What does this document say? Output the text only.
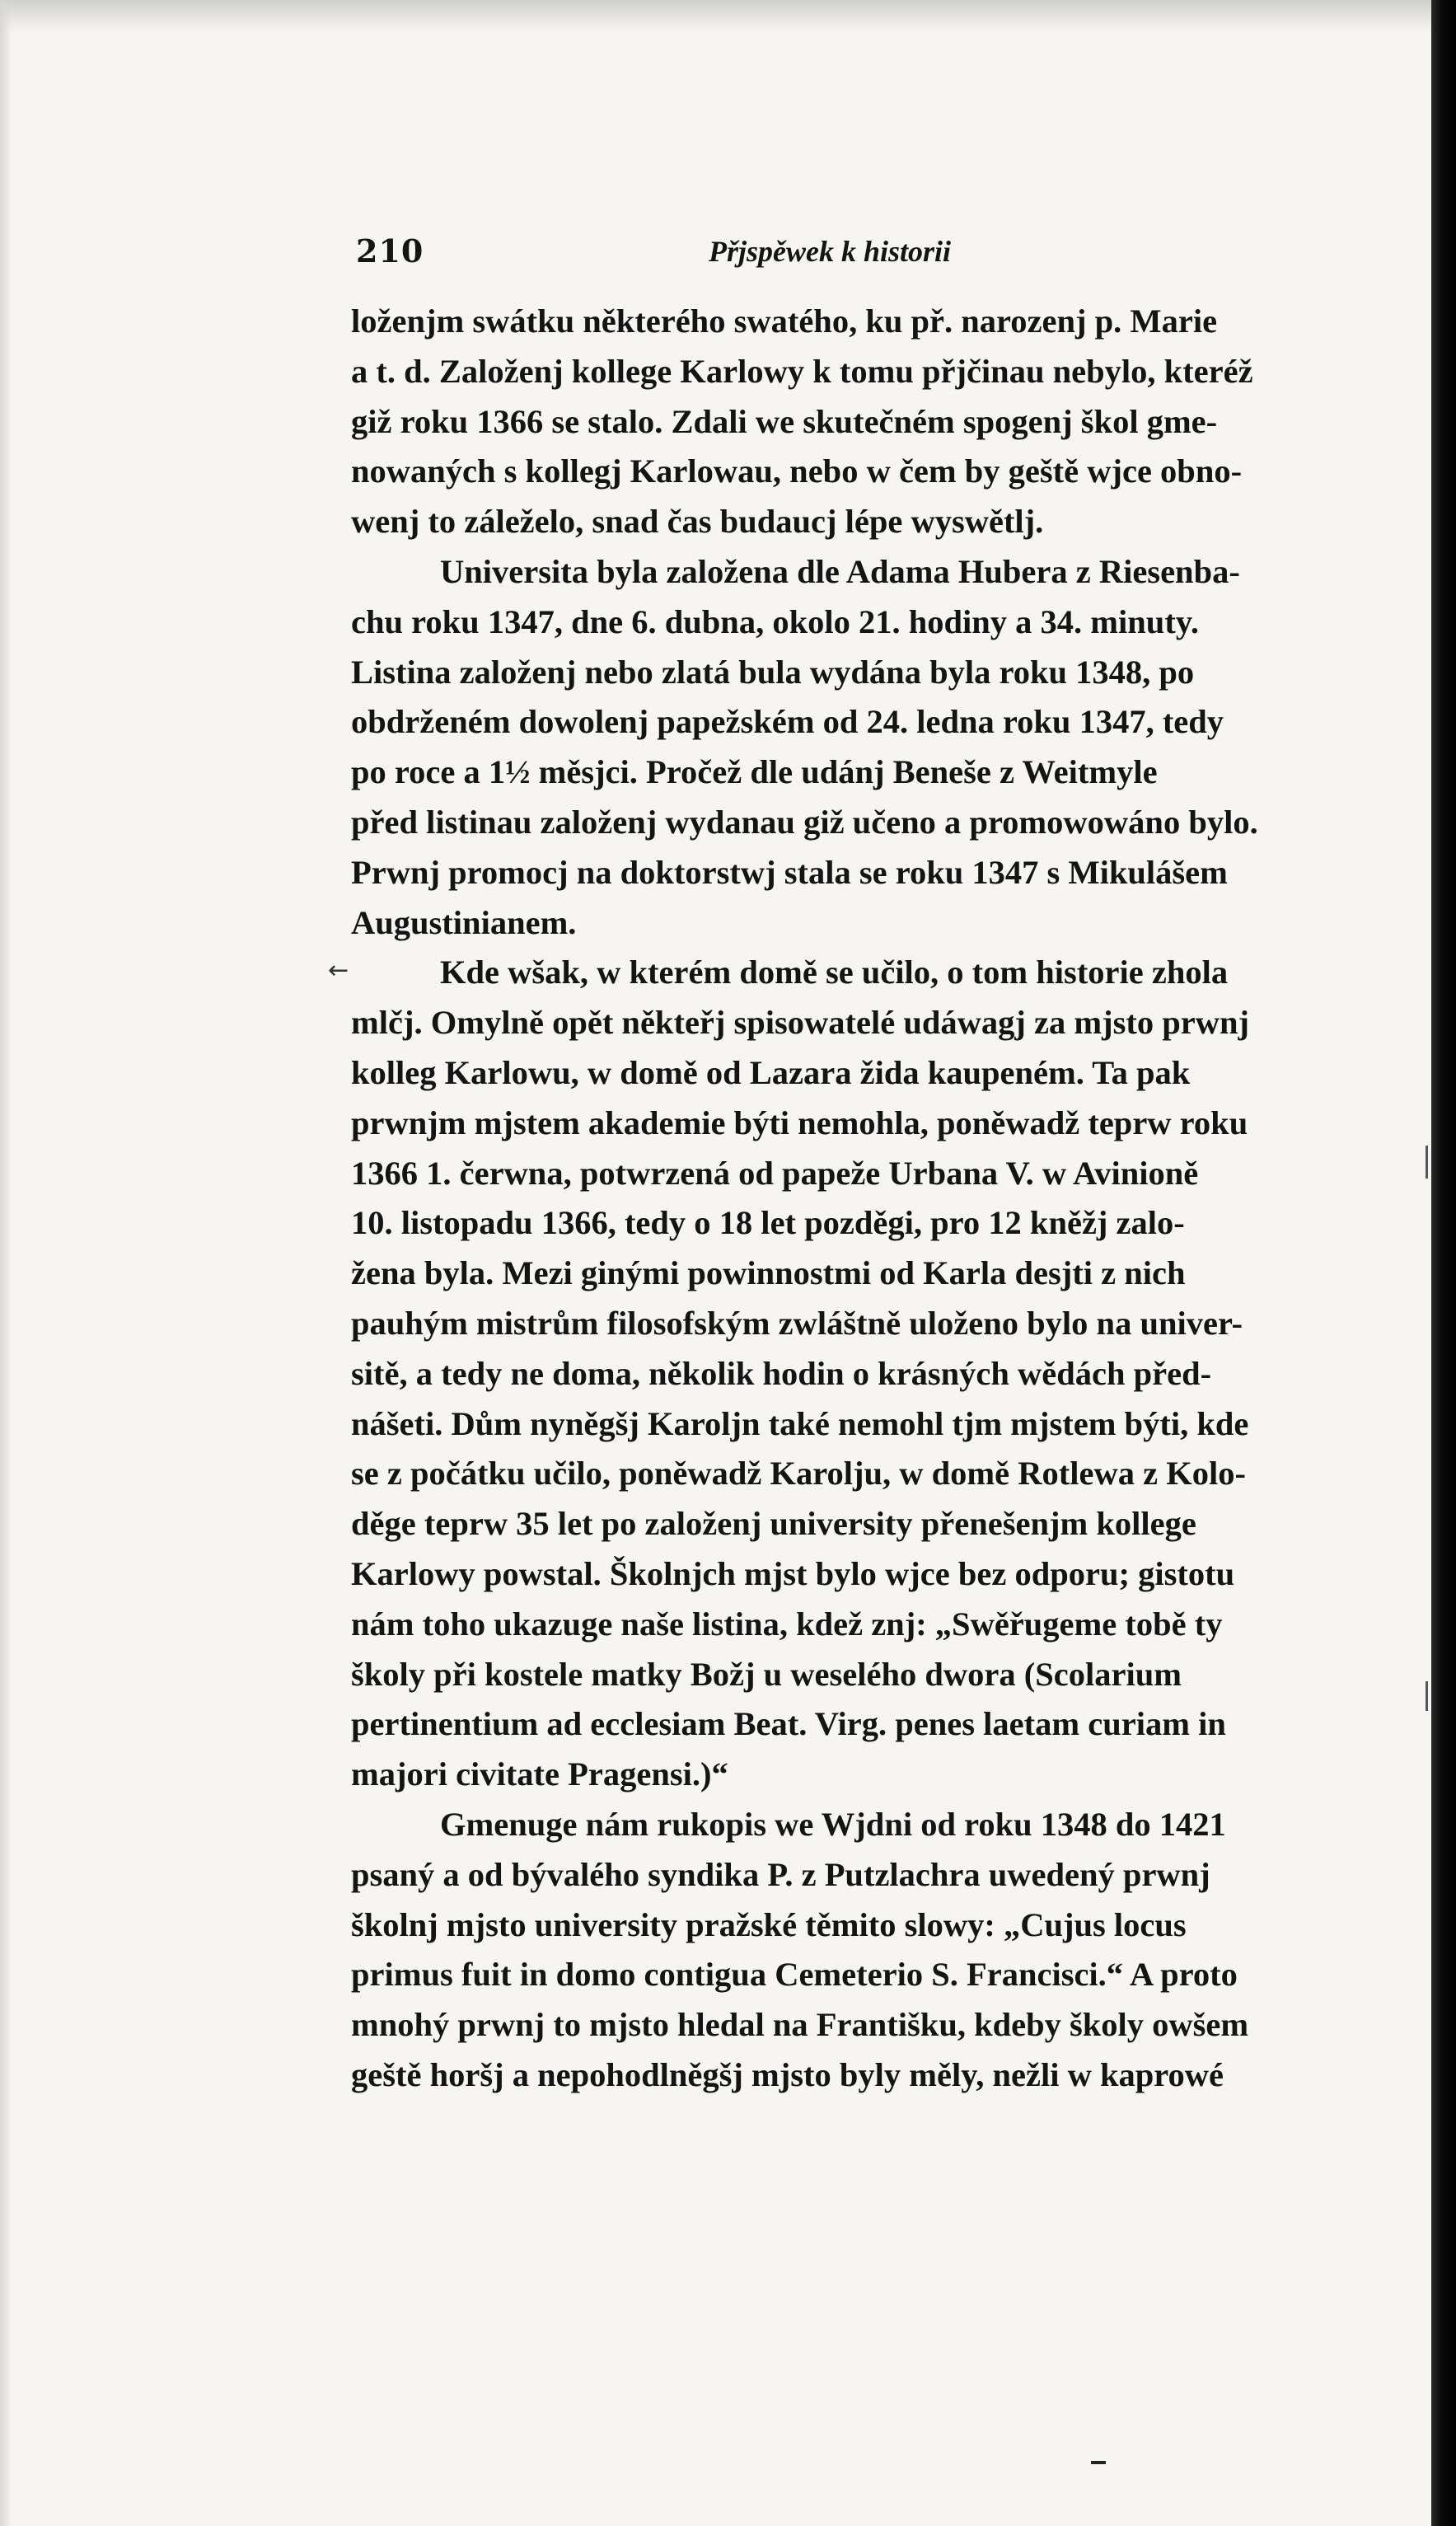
210	Přjspěwek k historii

loženjm swátku některého swatého, ku př. narozenj p. Marie
a t. d. Založenj kollege Karlowy k tomu přjčinau nebylo, kteréž
giž roku 1366 se stalo. Zdali we skutečném spogenj škol gme-
nowaných s kollegj Karlowau, nebo w čem by geště wjce obno-
wenj to záleželo, snad čas budaucj lépe wyswětlj.

Universita byla založena dle Adama Hubera z Riesenba-
chu roku 1347, dne 6. dubna, okolo 21. hodiny a 34. minuty.
Listina založenj nebo zlatá bula wydána byla roku 1348, po
obdrženém dowolenj papežském od 24. ledna roku 1347, tedy
po roce a 1½ měsjci. Pročež dle udánj Beneše z Weitmyle
před listinau založenj wydanau giž učeno a promowowáno bylo.
Prwnj promocj na doktorstwj stala se roku 1347 s Mikulášem
Augustinianem.

Kde wšak, w kterém domě se učilo, o tom historie zhola
mlčj. Omylně opět někteřj spisowatelé udáwagj za mjsto prwnj
kolleg Karlowu, w domě od Lazara žida kaupeném. Ta pak
prwnjm mjstem akademie býti nemohla, poněwadž teprw roku
1366 1. čerwna, potwrzená od papeže Urbana V. w Avinioně
10. listopadu 1366, tedy o 18 let pozděgi, pro 12 kněžj zalo-
žena byla. Mezi ginými powinnostmi od Karla desjti z nich
pauhým mistrům filosofským zwláštně uloženo bylo na univer-
sitě, a tedy ne doma, několik hodin o krásných wědách před-
nášeti. Dům nyněgšj Karoljn také nemohl tjm mjstem býti, kde
se z počátku učilo, poněwadž Karolju, w domě Rotlewa z Kolo-
děge teprw 35 let po založenj university přenešenjm kollege
Karlowy powstal. Školnjch mjst bylo wjce bez odporu; gistotu
nám toho ukazuge naše listina, kdež znj: „Swěřugeme tobě ty
školy při kostele matky Božj u weselého dwora (Scolarium
pertinentium ad ecclesiam Beat. Virg. penes laetam curiam in
majori civitate Pragensi.)“

Gmenuge nám rukopis we Wjdni od roku 1348 do 1421
psaný a od bývalého syndika P. z Putzlachra uwedený prwnj
školnj mjsto university pražské těmito slowy: „Cujus locus
primus fuit in domo contigua Cemeterio S. Francisci.“ A proto
mnohý prwnj to mjsto hledal na Františku, kdeby školy owšem
geště horšj a nepohodlněgšj mjsto byly měly, nežli w kaprowé

←
